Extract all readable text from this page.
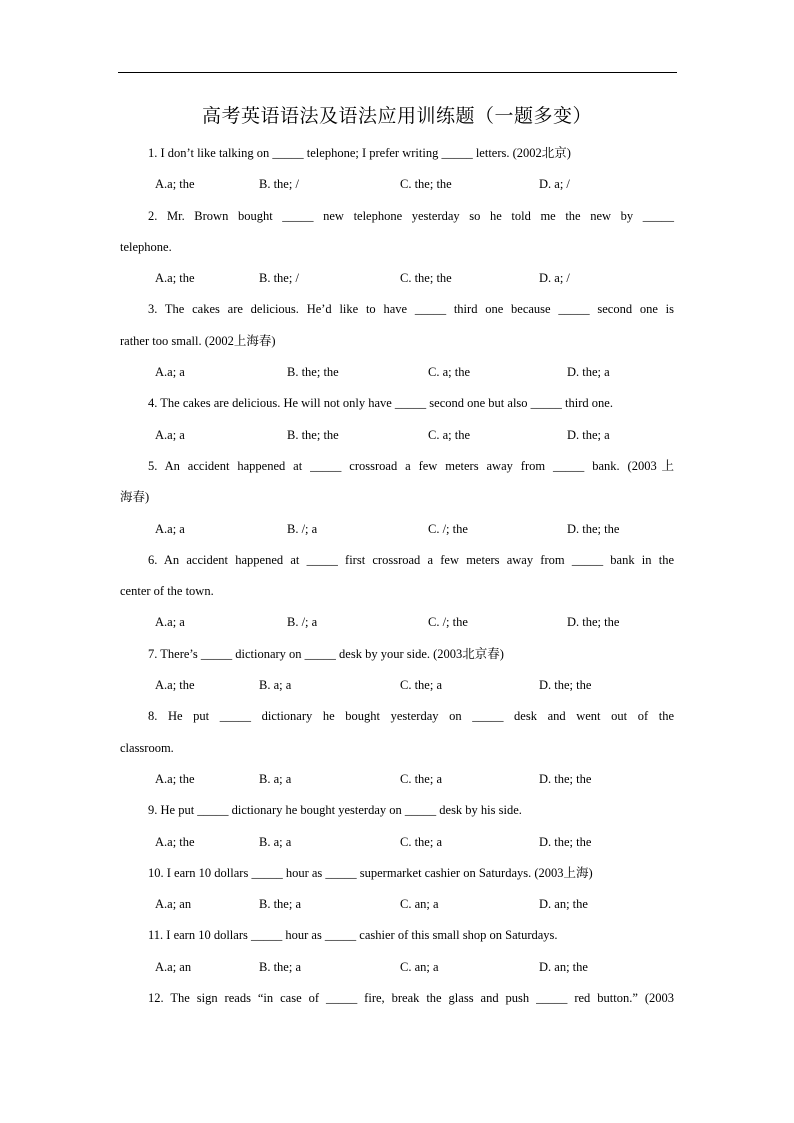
高考英语语法及语法应用训练题（一题多变）
1. I don’t like talking on _____ telephone; I prefer writing _____ letters. (2002北京)
A.a; the	B. the; /	C. the; the	D. a; /
2. Mr. Brown bought _____ new telephone yesterday so he told me the new by _____
telephone.
A.a; the	B. the; /	C. the; the	D. a; /
3. The cakes are delicious. He’d like to have _____ third one because _____ second one is
rather too small. (2002上海春)
A.a; a	B. the; the	C. a; the	D. the; a
4. The cakes are delicious. He will not only have _____ second one but also _____ third one.
A.a; a	B. the; the	C. a; the	D. the; a
5. An accident happened at _____ crossroad a few meters away from _____ bank. (2003上
海春)
A.a; a	B. /; a	C. /; the	D. the; the
6. An accident happened at _____ first crossroad a few meters away from _____ bank in the
center of the town.
A.a; a	B. /; a	C. /; the	D. the; the
7. There’s _____ dictionary on _____ desk by your side. (2003北京春)
A.a; the	B. a; a	C. the; a	D. the; the
8. He put _____ dictionary he bought yesterday on _____ desk and went out of the
classroom.
A.a; the	B. a; a	C. the; a	D. the; the
9. He put _____ dictionary he bought yesterday on _____ desk by his side.
A.a; the	B. a; a	C. the; a	D. the; the
10. I earn 10 dollars _____ hour as _____ supermarket cashier on Saturdays. (2003上海)
A.a; an	B. the; a	C. an; a	D. an; the
11. I earn 10 dollars _____ hour as _____ cashier of this small shop on Saturdays.
A.a; an	B. the; a	C. an; a	D. an; the
12. The sign reads “in case of _____ fire, break the glass and push _____ red button.” (2003
